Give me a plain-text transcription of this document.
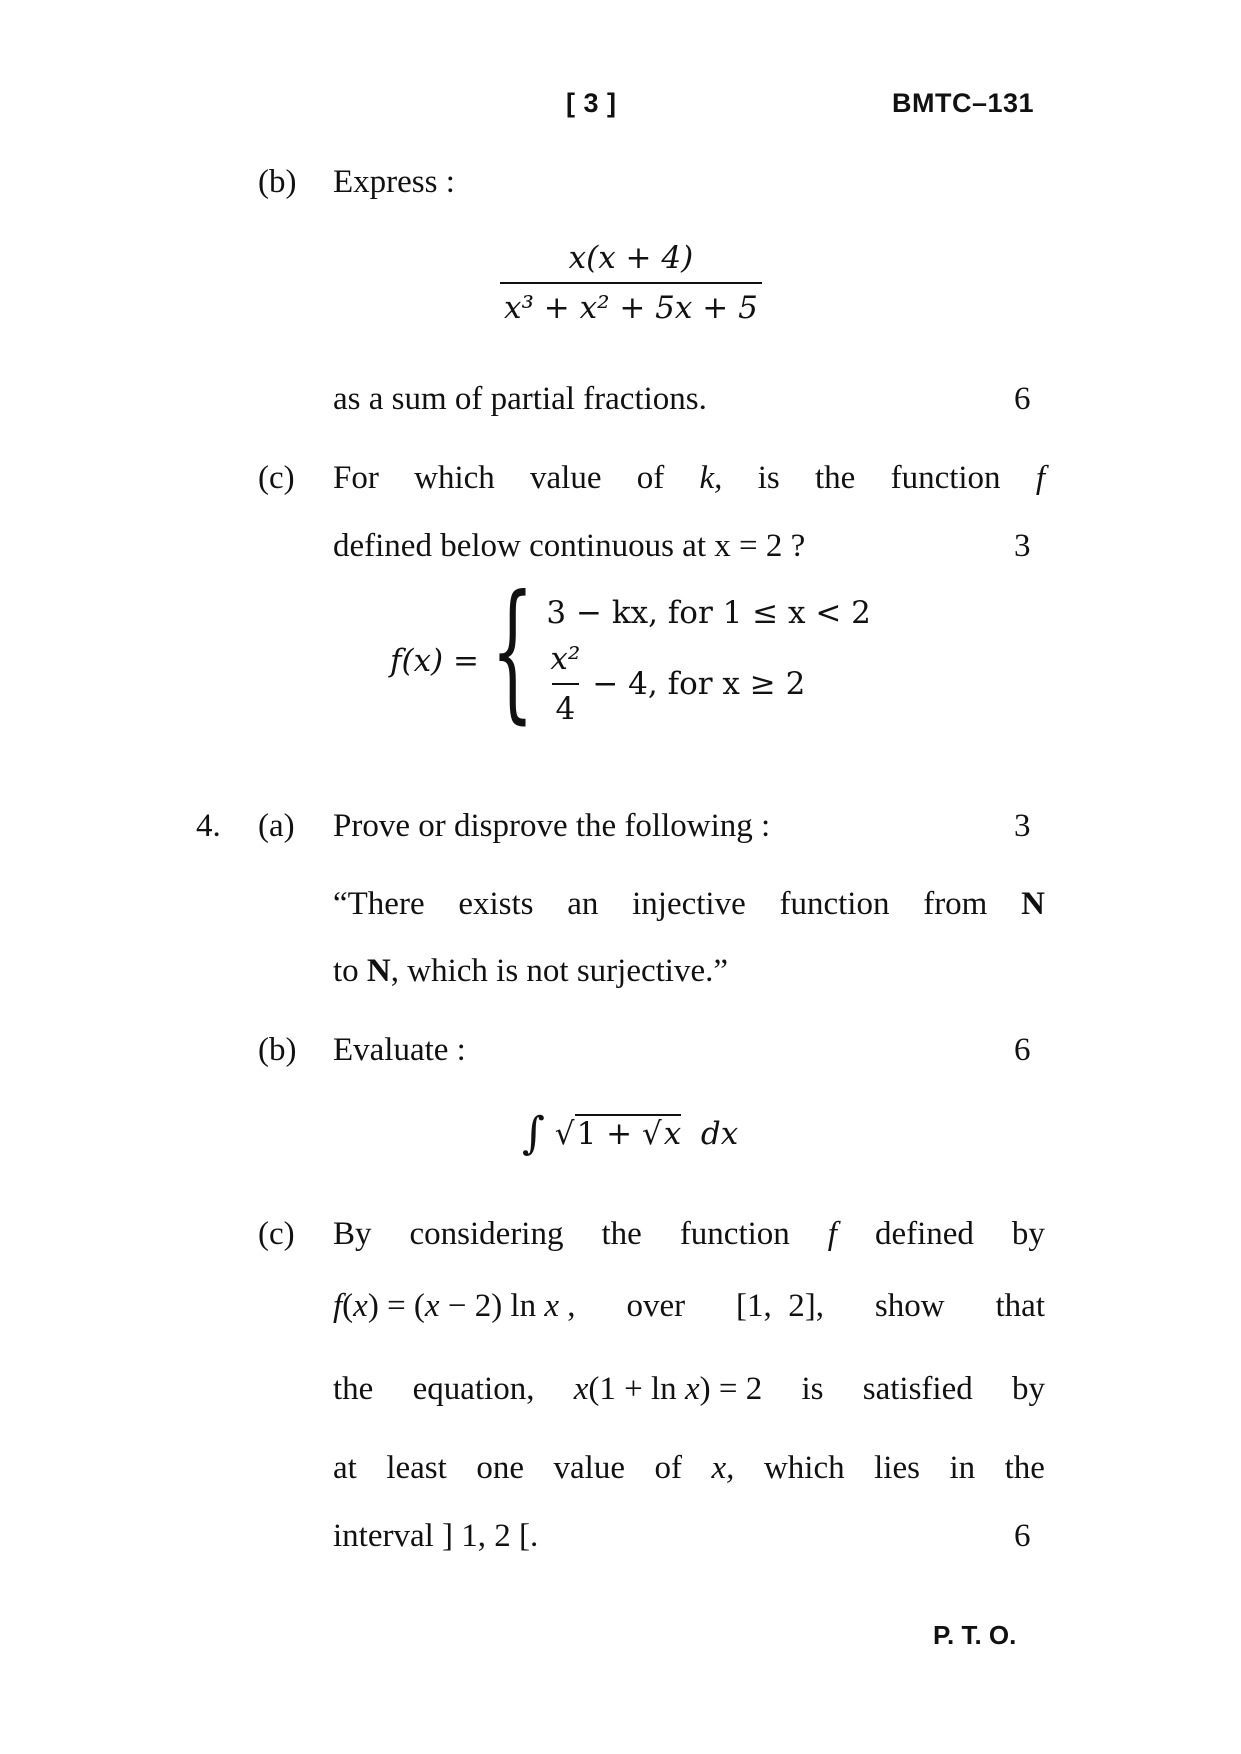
[ 3 ]	BMTC–131
(b) Express :
$\frac{x(x + 4)}{\text{x³ + x² + 5x + 5}}$
as a sum of partial fractions.	6
(c) For which value of k, is the function f
defined below continuous at x = 2 ?	3
f(x) = { 3 − kx, for 1 ≤ x < 2
$\frac{\text{x²}}{4} - 4$, for x ≥ 2
4. (a) Prove or disprove the following :	3
“There exists an injective function from N
to N, which is not surjective.”
(b) Evaluate :	6
∫ √1 + √x  dx
(c) By considering the function f defined by
f(x) = (x − 2) ln x , over [1,  2], show that
the equation, x(1 + ln x) = 2 is satisfied by
at least one value of x, which lies in the
interval ] 1, 2 [.	6
P. T. O.
